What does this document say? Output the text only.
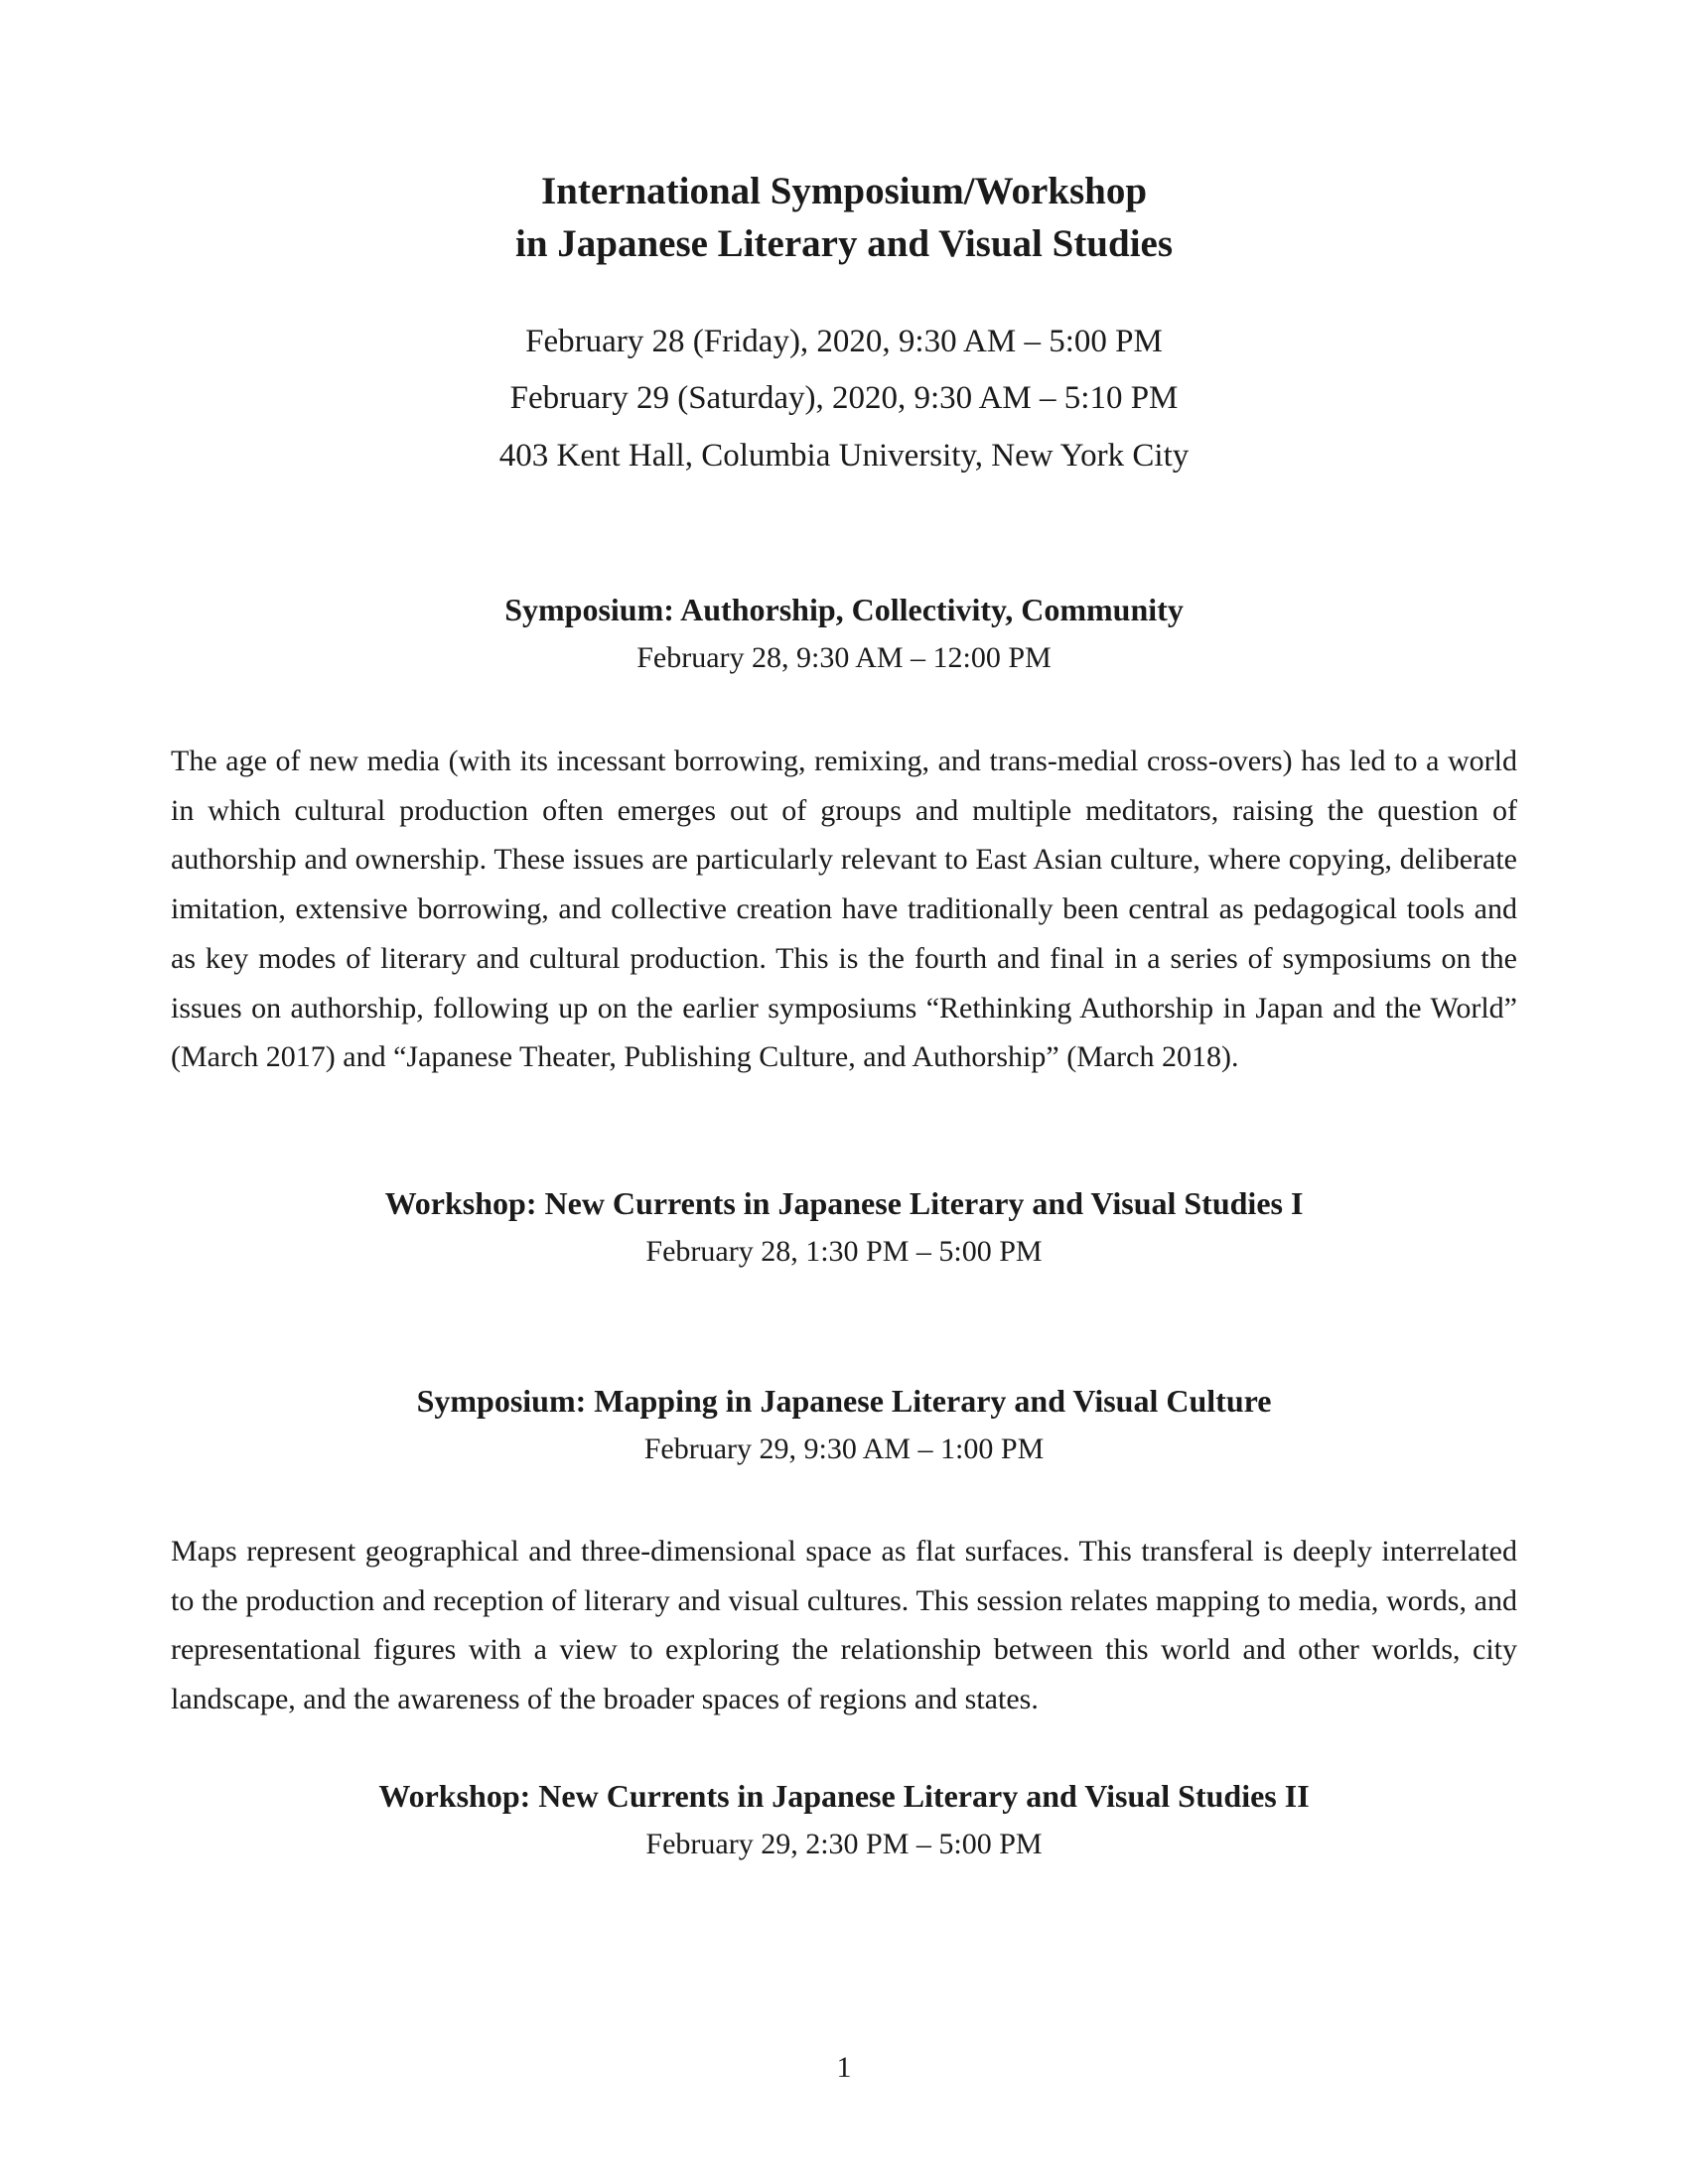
International Symposium/Workshop
in Japanese Literary and Visual Studies

February 28 (Friday), 2020, 9:30 AM – 5:00 PM

February 29 (Saturday), 2020, 9:30 AM – 5:10 PM

403 Kent Hall, Columbia University, New York City

Symposium: Authorship, Collectivity, Community

February 28, 9:30 AM – 12:00 PM

The age of new media (with its incessant borrowing, remixing, and trans-medial cross-overs) has led to a world in which cultural production often emerges out of groups and multiple meditators, raising the question of authorship and ownership. These issues are particularly relevant to East Asian culture, where copying, deliberate imitation, extensive borrowing, and collective creation have traditionally been central as pedagogical tools and as key modes of literary and cultural production. This is the fourth and final in a series of symposiums on the issues on authorship, following up on the earlier symposiums “Rethinking Authorship in Japan and the World” (March 2017) and “Japanese Theater, Publishing Culture, and Authorship” (March 2018).

Workshop: New Currents in Japanese Literary and Visual Studies I

February 28, 1:30 PM – 5:00 PM

Symposium: Mapping in Japanese Literary and Visual Culture

February 29, 9:30 AM – 1:00 PM

Maps represent geographical and three-dimensional space as flat surfaces. This transferal is deeply interrelated to the production and reception of literary and visual cultures. This session relates mapping to media, words, and representational figures with a view to exploring the relationship between this world and other worlds, city landscape, and the awareness of the broader spaces of regions and states.

Workshop: New Currents in Japanese Literary and Visual Studies II

February 29, 2:30 PM – 5:00 PM

1
